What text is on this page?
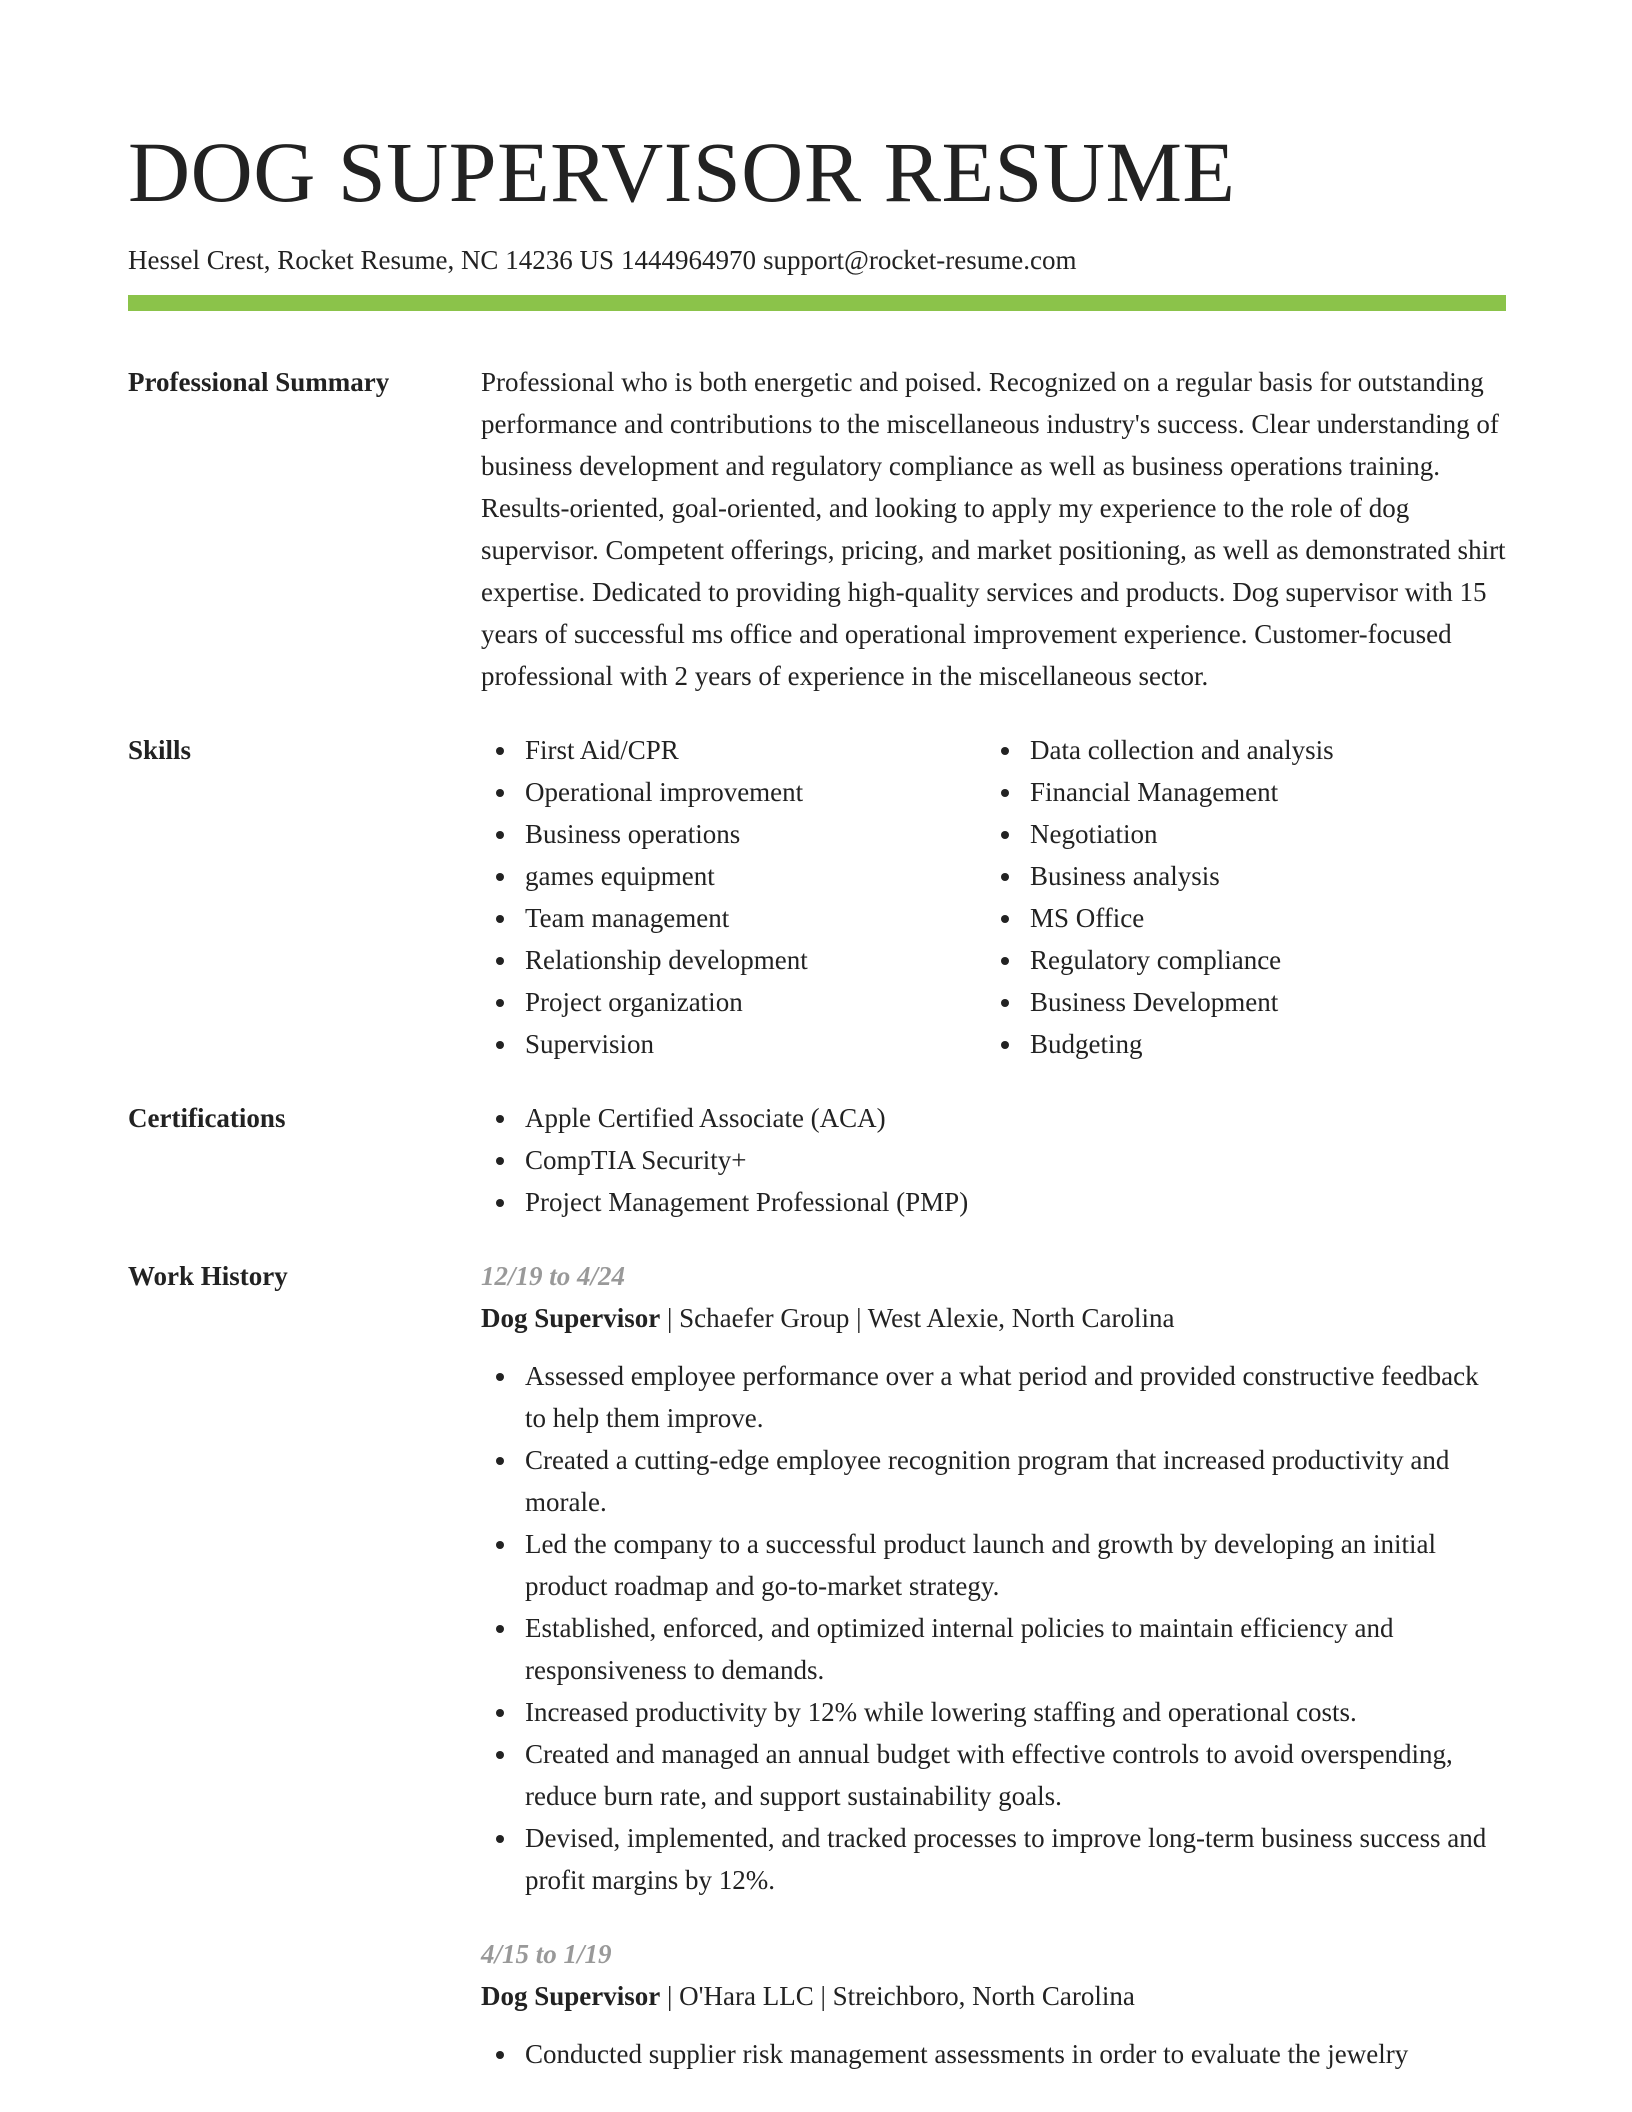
DOG SUPERVISOR RESUME
Hessel Crest, Rocket Resume, NC 14236 US 1444964970 support@rocket-resume.com
Professional Summary	Professional who is both energetic and poised. Recognized on a regular basis for outstanding performance and contributions to the miscellaneous industry's success. Clear understanding of business development and regulatory compliance as well as business operations training. Results-oriented, goal-oriented, and looking to apply my experience to the role of dog supervisor. Competent offerings, pricing, and market positioning, as well as demonstrated shirt expertise. Dedicated to providing high-quality services and products. Dog supervisor with 15 years of successful ms office and operational improvement experience. Customer-focused professional with 2 years of experience in the miscellaneous sector.
Skills	First Aid/CPR
Operational improvement
Business operations
games equipment
Team management
Relationship development
Project organization
Supervision
Data collection and analysis
Financial Management
Negotiation
Business analysis
MS Office
Regulatory compliance
Business Development
Budgeting
Certifications	Apple Certified Associate (ACA)
CompTIA Security+
Project Management Professional (PMP)
Work History	12/19 to 4/24
Dog Supervisor | Schaefer Group | West Alexie, North Carolina
Assessed employee performance over a what period and provided constructive feedback to help them improve.
Created a cutting-edge employee recognition program that increased productivity and morale.
Led the company to a successful product launch and growth by developing an initial product roadmap and go-to-market strategy.
Established, enforced, and optimized internal policies to maintain efficiency and responsiveness to demands.
Increased productivity by 12% while lowering staffing and operational costs.
Created and managed an annual budget with effective controls to avoid overspending, reduce burn rate, and support sustainability goals.
Devised, implemented, and tracked processes to improve long-term business success and profit margins by 12%.
4/15 to 1/19
Dog Supervisor | O'Hara LLC | Streichboro, North Carolina
Conducted supplier risk management assessments in order to evaluate the jewelry
